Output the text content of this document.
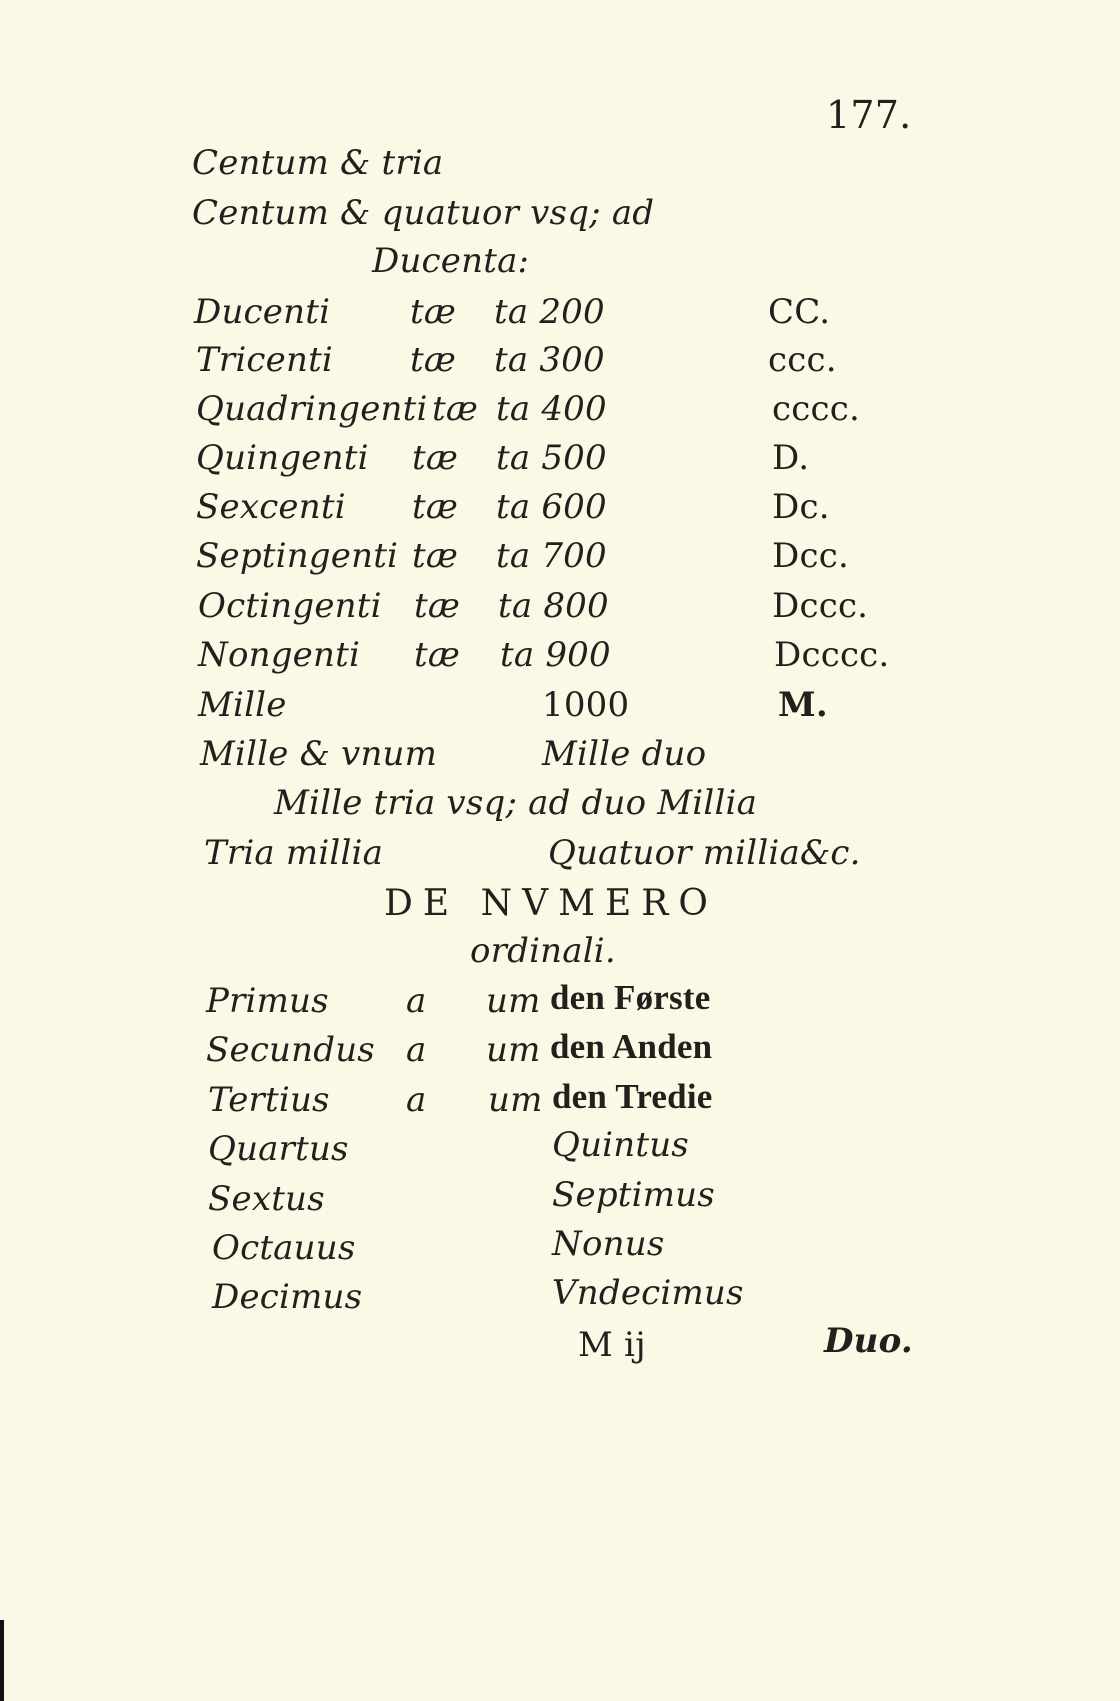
177.
Centum & tria
Centum & quatuor vsq; ad
Ducenta:
Ducenti tæ ta 200	CC.
Tricenti tæ ta 300	ccc.
Quadringenti tæ ta 400	cccc.
Quingenti tæ ta 500	D.
Sexcenti tæ ta 600	Dc.
Septingenti tæ ta 700	Dcc.
Octingenti tæ ta 800	Dccc.
Nongenti tæ ta 900	Dcccc.
Mille	1000	M.
Mille & vnum	Mille duo
Mille tria vsq; ad duo Millia
Tria millia	Quatuor millia&c.
DE NVMERO
ordinali.
Primus a um den Første
Secundus a um den Anden
Tertius a um den Tredie
Quartus	Quintus
Sextus	Septimus
Octauus	Nonus
Decimus	Vndecimus
M ij	Duo.
